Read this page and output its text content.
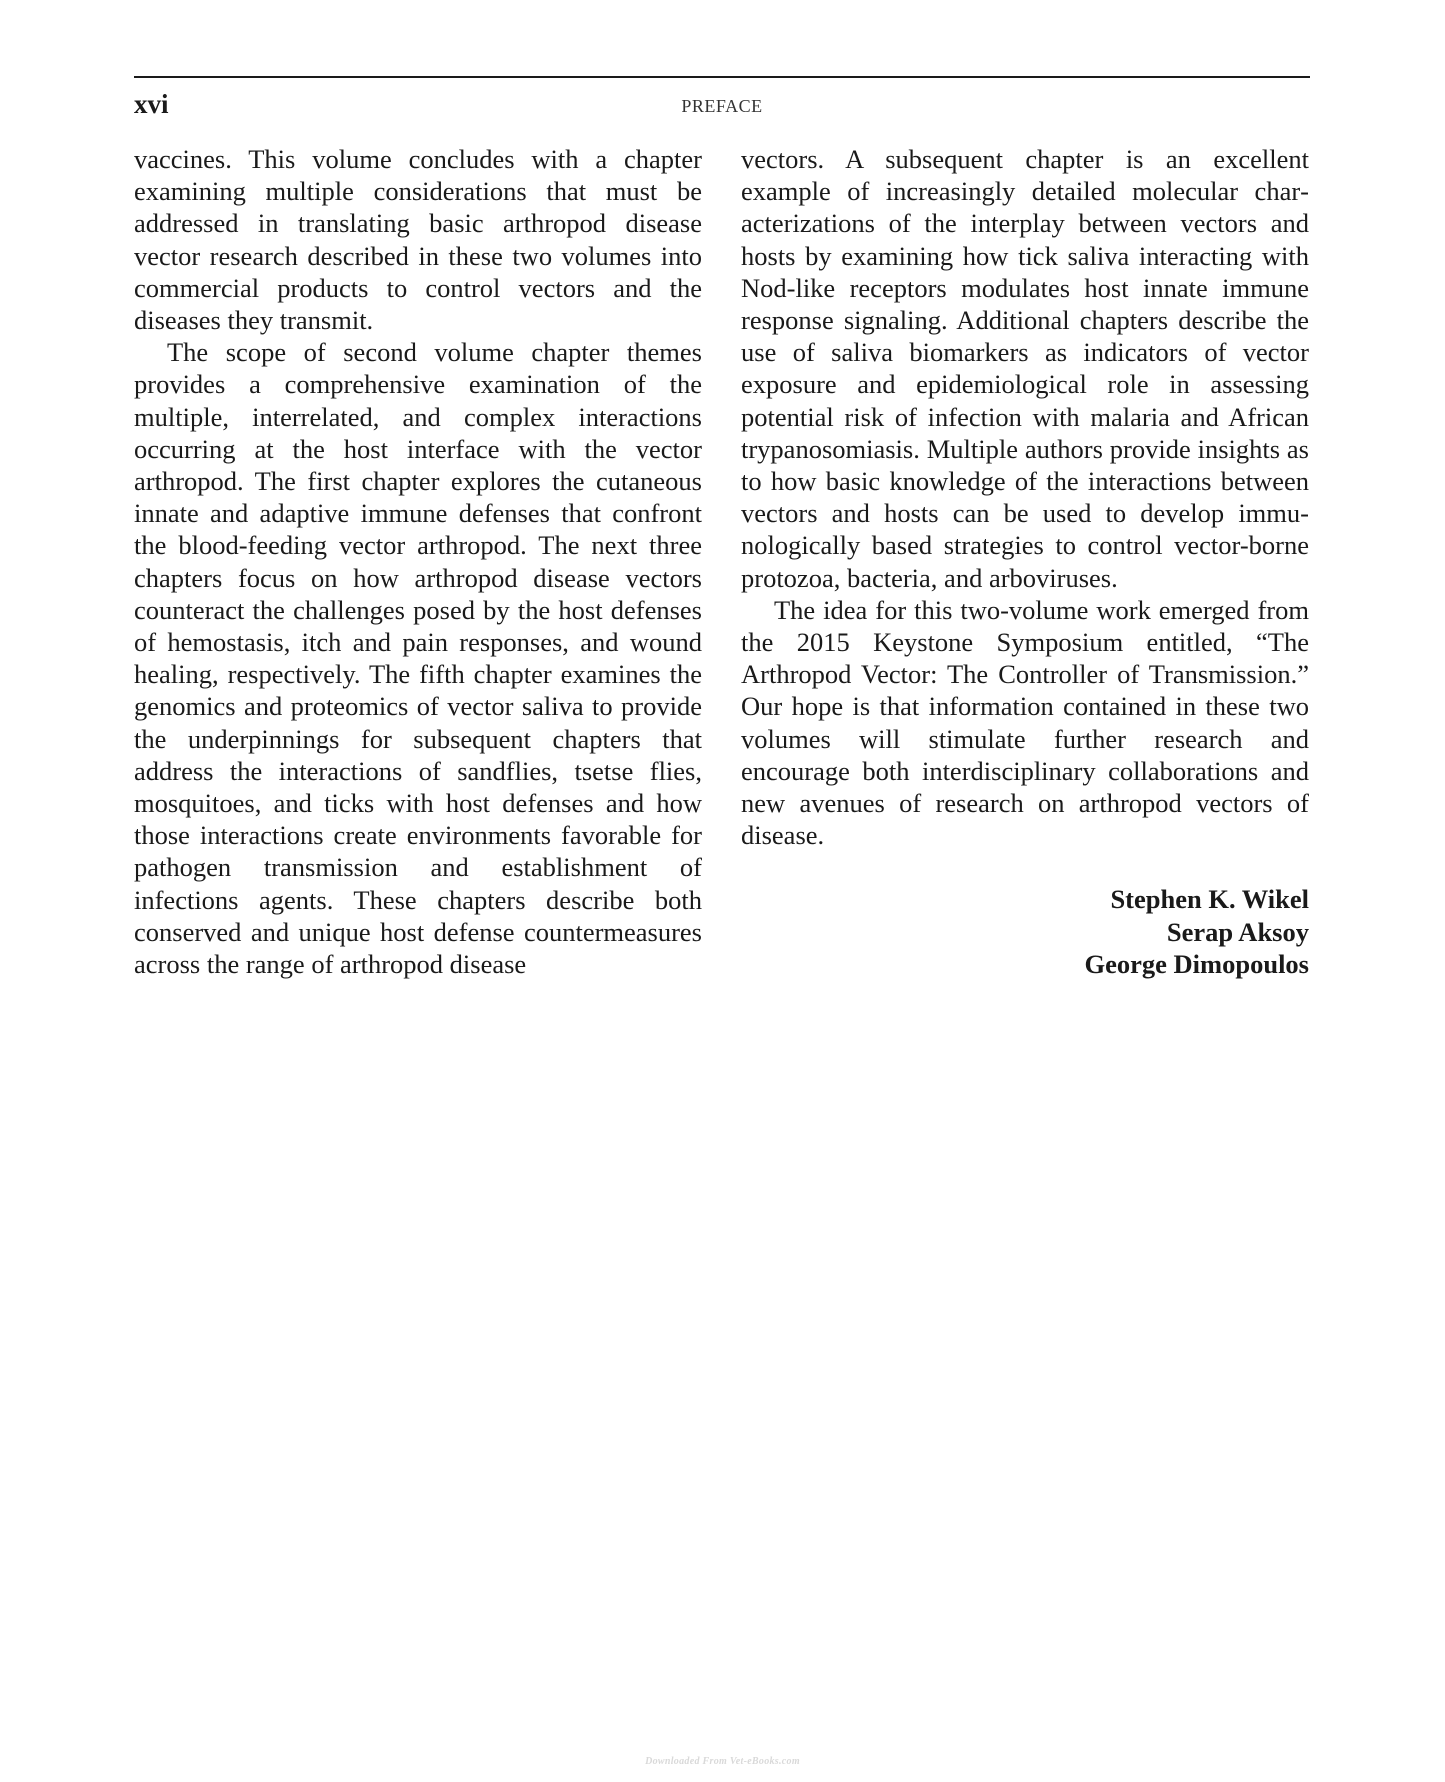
xvi	PREFACE

vaccines. This volume concludes with a chapter examining multiple considerations that must be addressed in translating basic arthropod disease vector research described in these two volumes into commercial products to control vectors and the diseases they transmit.

The scope of second volume chapter themes provides a comprehensive examination of the multiple, interrelated, and complex interactions occurring at the host interface with the vector arthropod. The first chapter explores the cutaneous innate and adaptive immune defenses that confront the blood-feeding vector arthropod. The next three chapters focus on how arthropod disease vectors counteract the challenges posed by the host defenses of hemostasis, itch and pain responses, and wound healing, respectively. The fifth chapter examines the genomics and proteomics of vector saliva to provide the underpinnings for subsequent chapters that address the interactions of sandflies, tsetse flies, mosquitoes, and ticks with host defenses and how those interactions create environments favorable for pathogen transmission and establishment of infections agents. These chapters describe both conserved and unique host defense countermeasures across the range of arthropod disease

vectors. A subsequent chapter is an excellent example of increasingly detailed molecular characterizations of the interplay between vectors and hosts by examining how tick saliva interacting with Nod-like receptors modulates host innate immune response signaling. Additional chapters describe the use of saliva biomarkers as indicators of vector exposure and epidemiological role in assessing potential risk of infection with malaria and African trypanosomiasis. Multiple authors provide insights as to how basic knowledge of the interactions between vectors and hosts can be used to develop immunologically based strategies to control vector-borne protozoa, bacteria, and arboviruses.

The idea for this two-volume work emerged from the 2015 Keystone Symposium entitled, “The Arthropod Vector: The Controller of Transmission.” Our hope is that information contained in these two volumes will stimulate further research and encourage both interdisciplinary collaborations and new avenues of research on arthropod vectors of disease.

Stephen K. Wikel
Serap Aksoy
George Dimopoulos
Downloaded From Vet-eBooks.com
